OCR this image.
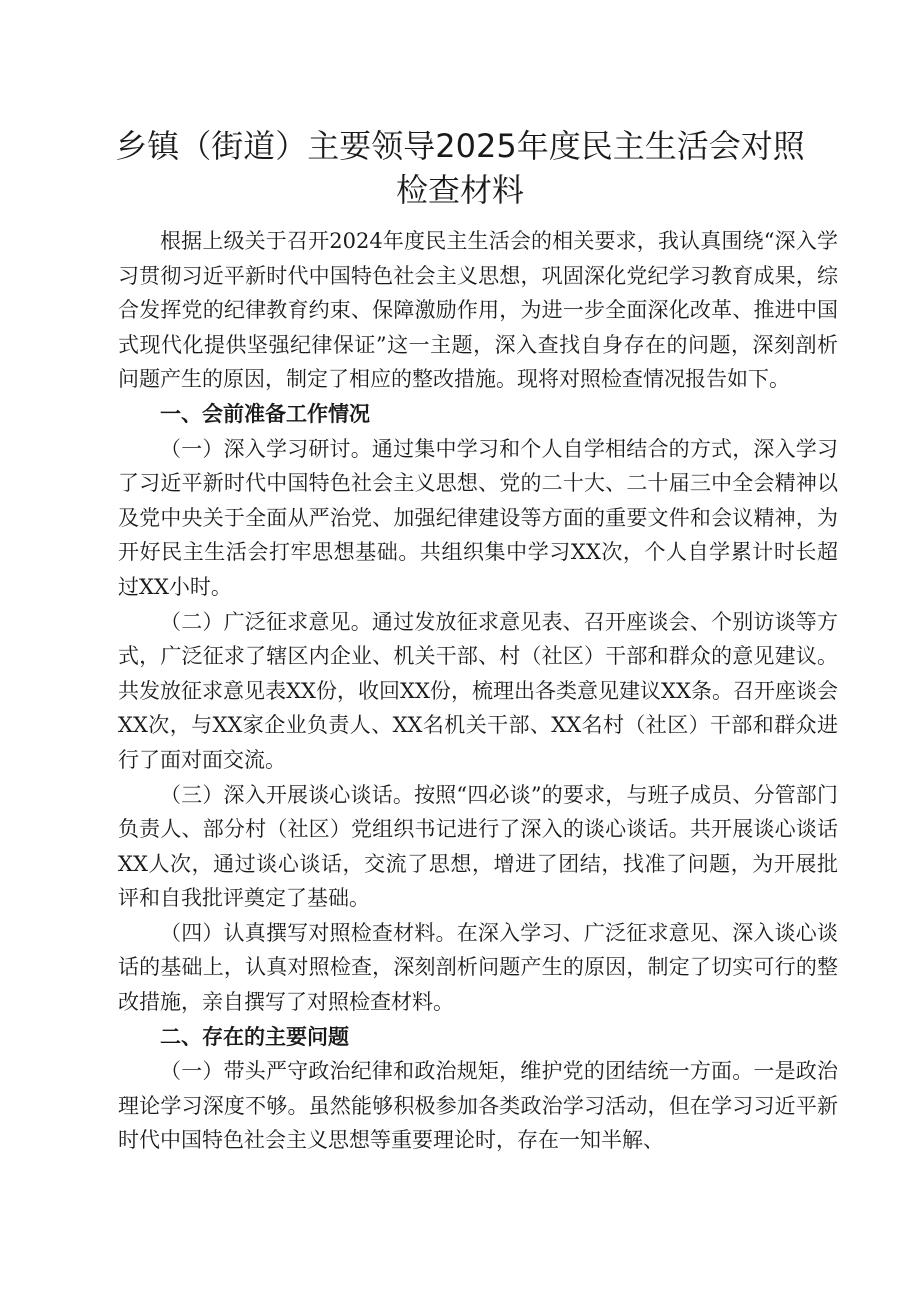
乡镇（街道）主要领导2025年度民主生活会对照检查材料

根据上级关于召开2024年度民主生活会的相关要求，我认真围绕“深入学习贯彻习近平新时代中国特色社会主义思想，巩固深化党纪学习教育成果，综合发挥党的纪律教育约束、保障激励作用，为进一步全面深化改革、推进中国式现代化提供坚强纪律保证”这一主题，深入查找自身存在的问题，深刻剖析问题产生的原因，制定了相应的整改措施。现将对照检查情况报告如下。

一、会前准备工作情况

（一）深入学习研讨。通过集中学习和个人自学相结合的方式，深入学习了习近平新时代中国特色社会主义思想、党的二十大、二十届三中全会精神以及党中央关于全面从严治党、加强纪律建设等方面的重要文件和会议精神，为开好民主生活会打牢思想基础。共组织集中学习XX次，个人自学累计时长超过XX小时。

（二）广泛征求意见。通过发放征求意见表、召开座谈会、个别访谈等方式，广泛征求了辖区内企业、机关干部、村（社区）干部和群众的意见建议。共发放征求意见表XX份，收回XX份，梳理出各类意见建议XX条。召开座谈会XX次，与XX家企业负责人、XX名机关干部、XX名村（社区）干部和群众进行了面对面交流。

（三）深入开展谈心谈话。按照“四必谈”的要求，与班子成员、分管部门负责人、部分村（社区）党组织书记进行了深入的谈心谈话。共开展谈心谈话XX人次，通过谈心谈话，交流了思想，增进了团结，找准了问题，为开展批评和自我批评奠定了基础。

（四）认真撰写对照检查材料。在深入学习、广泛征求意见、深入谈心谈话的基础上，认真对照检查，深刻剖析问题产生的原因，制定了切实可行的整改措施，亲自撰写了对照检查材料。

二、存在的主要问题

（一）带头严守政治纪律和政治规矩，维护党的团结统一方面。一是政治理论学习深度不够。虽然能够积极参加各类政治学习活动，但在学习习近平新时代中国特色社会主义思想等重要理论时，存在一知半解、
